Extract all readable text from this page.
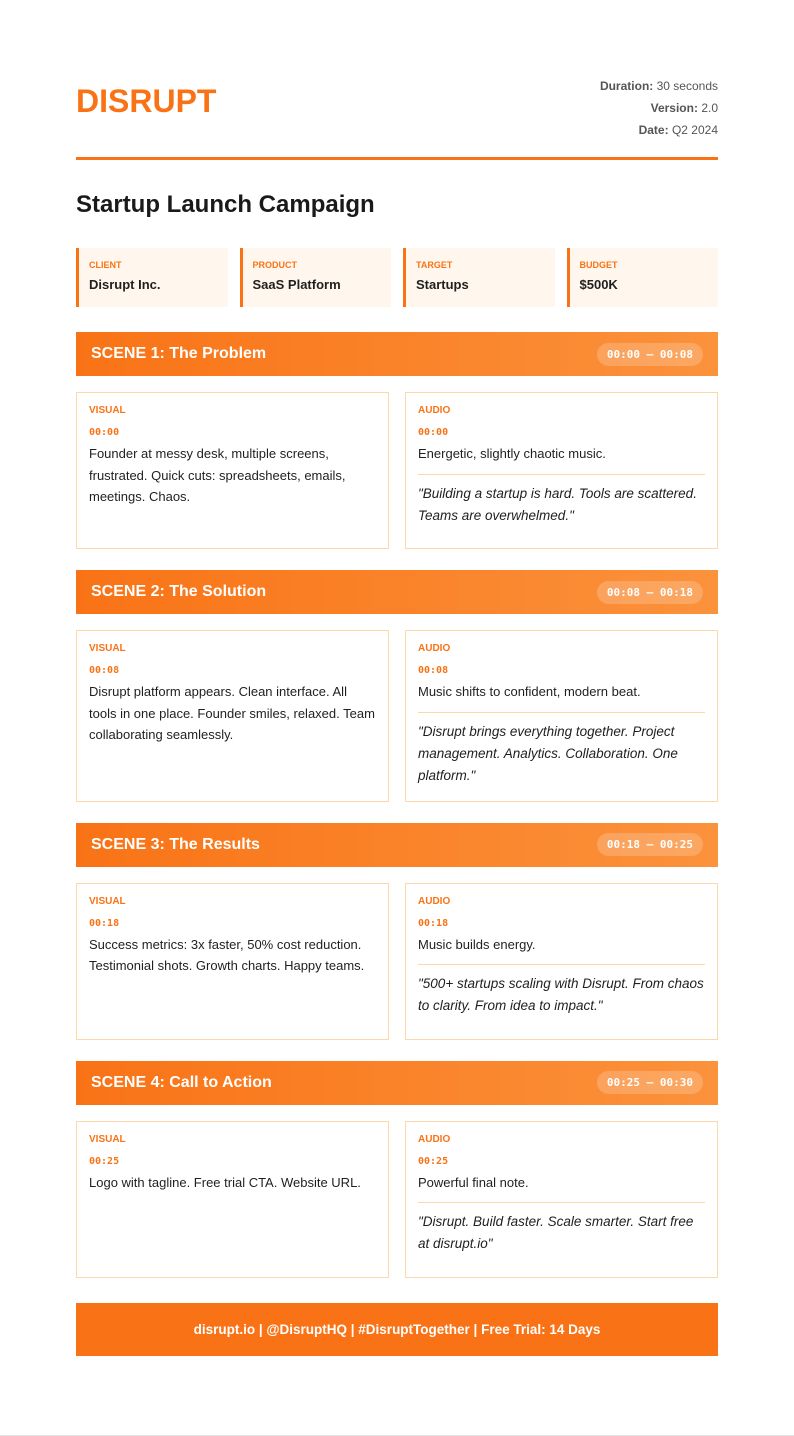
DISRUPT	Duration: 30 seconds
Version: 2.0
Date: Q2 2024
Startup Launch Campaign
CLIENT
Disrupt Inc.
PRODUCT
SaaS Platform
TARGET
Startups
BUDGET
$500K
SCENE 1: The Problem	00:00 – 00:08
VISUAL
00:00
Founder at messy desk, multiple screens, frustrated. Quick cuts: spreadsheets, emails, meetings. Chaos.
AUDIO
00:00
Energetic, slightly chaotic music.
"Building a startup is hard. Tools are scattered. Teams are overwhelmed."
SCENE 2: The Solution	00:08 – 00:18
VISUAL
00:08
Disrupt platform appears. Clean interface. All tools in one place. Founder smiles, relaxed. Team collaborating seamlessly.
AUDIO
00:08
Music shifts to confident, modern beat.
"Disrupt brings everything together. Project management. Analytics. Collaboration. One platform."
SCENE 3: The Results	00:18 – 00:25
VISUAL
00:18
Success metrics: 3x faster, 50% cost reduction. Testimonial shots. Growth charts. Happy teams.
AUDIO
00:18
Music builds energy.
"500+ startups scaling with Disrupt. From chaos to clarity. From idea to impact."
SCENE 4: Call to Action	00:25 – 00:30
VISUAL
00:25
Logo with tagline. Free trial CTA. Website URL.
AUDIO
00:25
Powerful final note.
"Disrupt. Build faster. Scale smarter. Start free at disrupt.io"
disrupt.io | @DisruptHQ | #DisruptTogether | Free Trial: 14 Days
